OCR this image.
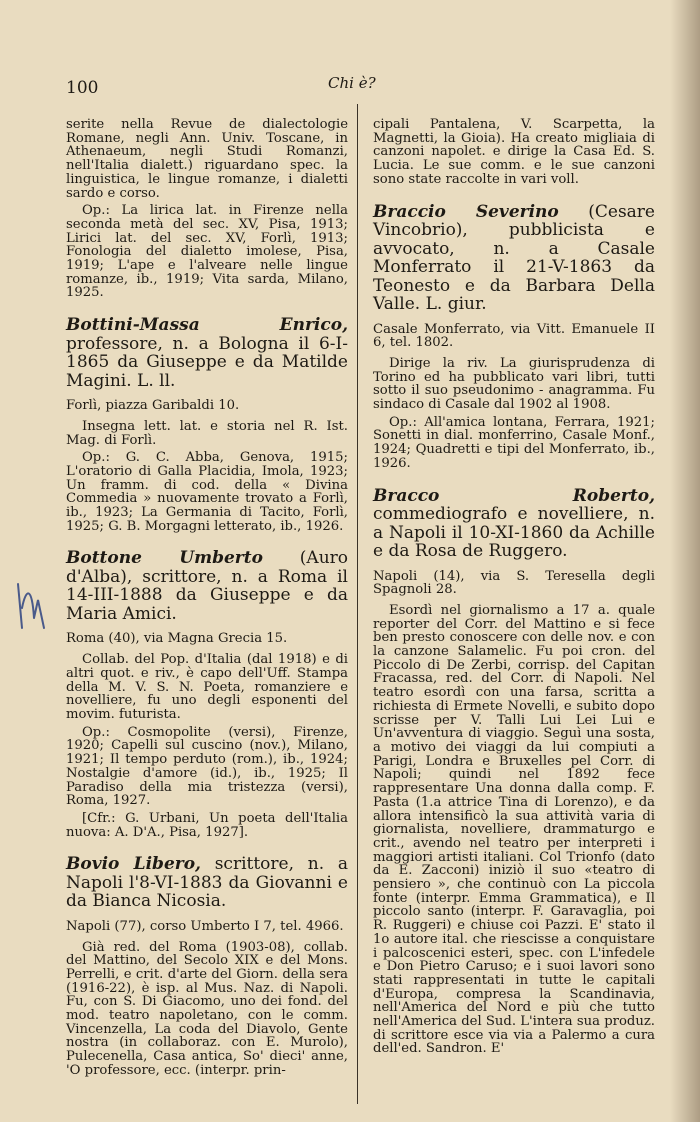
100	Chi è?

serite nella Revue de dialectologie Romane, negli Ann. Univ. Toscane, in Athenaeum, negli Studi Romanzi, nell'Italia dialett.) riguardano spec. la linguistica, le lingue romanze, i dialetti sardo e corso.

Op.: La lirica lat. in Firenze nella seconda metà del sec. XV, Pisa, 1913; Lirici lat. del sec. XV, Forlì, 1913; Fonologia del dialetto imolese, Pisa, 1919; L'ape e l'alveare nelle lingue romanze, ib., 1919; Vita sarda, Milano, 1925.

Bottini-Massa Enrico, professore, n. a Bologna il 6-I-1865 da Giuseppe e da Matilde Magini. L. ll.

Forlì, piazza Garibaldi 10.

Insegna lett. lat. e storia nel R. Ist. Mag. di Forlì.

Op.: G. C. Abba, Genova, 1915; L'oratorio di Galla Placidia, Imola, 1923; Un framm. di cod. della « Divina Commedia » nuovamente trovato a Forlì, ib., 1923; La Germania di Tacito, Forlì, 1925; G. B. Morgagni letterato, ib., 1926.

Bottone Umberto (Auro d'Alba), scrittore, n. a Roma il 14-III-1888 da Giuseppe e da Maria Amici.

Roma (40), via Magna Grecia 15.

Collab. del Pop. d'Italia (dal 1918) e di altri quot. e riv., è capo dell'Uff. Stampa della M. V. S. N. Poeta, romanziere e novelliere, fu uno degli esponenti del movim. futurista.

Op.: Cosmopolite (versi), Firenze, 1920; Capelli sul cuscino (nov.), Milano, 1921; Il tempo perduto (rom.), ib., 1924; Nostalgie d'amore (id.), ib., 1925; Il Paradiso della mia tristezza (versi), Roma, 1927.

[Cfr.: G. Urbani, Un poeta dell'Italia nuova: A. D'A., Pisa, 1927].

Bovio Libero, scrittore, n. a Napoli l'8-VI-1883 da Giovanni e da Bianca Nicosia.

Napoli (77), corso Umberto I 7, tel. 4966.

Già red. del Roma (1903-08), collab. del Mattino, del Secolo XIX e del Mons. Perrelli, e crit. d'arte del Giorn. della sera (1916-22), è isp. al Mus. Naz. di Napoli. Fu, con S. Di Giacomo, uno dei fond. del mod. teatro napoletano, con le comm. Vincenzella, La coda del Diavolo, Gente nostra (in collaboraz. con E. Murolo), Pulecenella, Casa antica, So' dieci' anne, 'O professore, ecc. (interpr. prin-

cipali Pantalena, V. Scarpetta, la Magnetti, la Gioia). Ha creato migliaia di canzoni napolet. e dirige la Casa Ed. S. Lucia. Le sue comm. e le sue canzoni sono state raccolte in vari voll.

Braccio Severino (Cesare Vincobrio), pubblicista e avvocato, n. a Casale Monferrato il 21-V-1863 da Teonesto e da Barbara Della Valle. L. giur.

Casale Monferrato, via Vitt. Emanuele II 6, tel. 1802.

Dirige la riv. La giurisprudenza di Torino ed ha pubblicato vari libri, tutti sotto il suo pseudonimo - anagramma. Fu sindaco di Casale dal 1902 al 1908.

Op.: All'amica lontana, Ferrara, 1921; Sonetti in dial. monferrino, Casale Monf., 1924; Quadretti e tipi del Monferrato, ib., 1926.

Bracco Roberto, commediografo e novelliere, n. a Napoli il 10-XI-1860 da Achille e da Rosa de Ruggero.

Napoli (14), via S. Teresella degli Spagnoli 28.

Esordì nel giornalismo a 17 a. quale reporter del Corr. del Mattino e si fece ben presto conoscere con delle nov. e con la canzone Salamelic. Fu poi cron. del Piccolo di De Zerbi, corrisp. del Capitan Fracassa, red. del Corr. di Napoli. Nel teatro esordì con una farsa, scritta a richiesta di Ermete Novelli, e subito dopo scrisse per V. Talli Lui Lei Lui e Un'avventura di viaggio. Seguì una sosta, a motivo dei viaggi da lui compiuti a Parigi, Londra e Bruxelles pel Corr. di Napoli; quindi nel 1892 fece rappresentare Una donna dalla comp. F. Pasta (1.a attrice Tina di Lorenzo), e da allora intensificò la sua attività varia di giornalista, novelliere, drammaturgo e crit., avendo nel teatro per interpreti i maggiori artisti italiani. Col Trionfo (dato da E. Zacconi) iniziò il suo «teatro di pensiero », che continuò con La piccola fonte (interpr. Emma Grammatica), e Il piccolo santo (interpr. F. Garavaglia, poi R. Ruggeri) e chiuse coi Pazzi. E' stato il 1o autore ital. che riescisse a conquistare i palcoscenici esteri, spec. con L'infedele e Don Pietro Caruso; e i suoi lavori sono stati rappresentati in tutte le capitali d'Europa, compresa la Scandinavia, nell'America del Nord e più che tutto nell'America del Sud. L'intera sua produz. di scrittore esce via via a Palermo a cura dell'ed. Sandron. E'
